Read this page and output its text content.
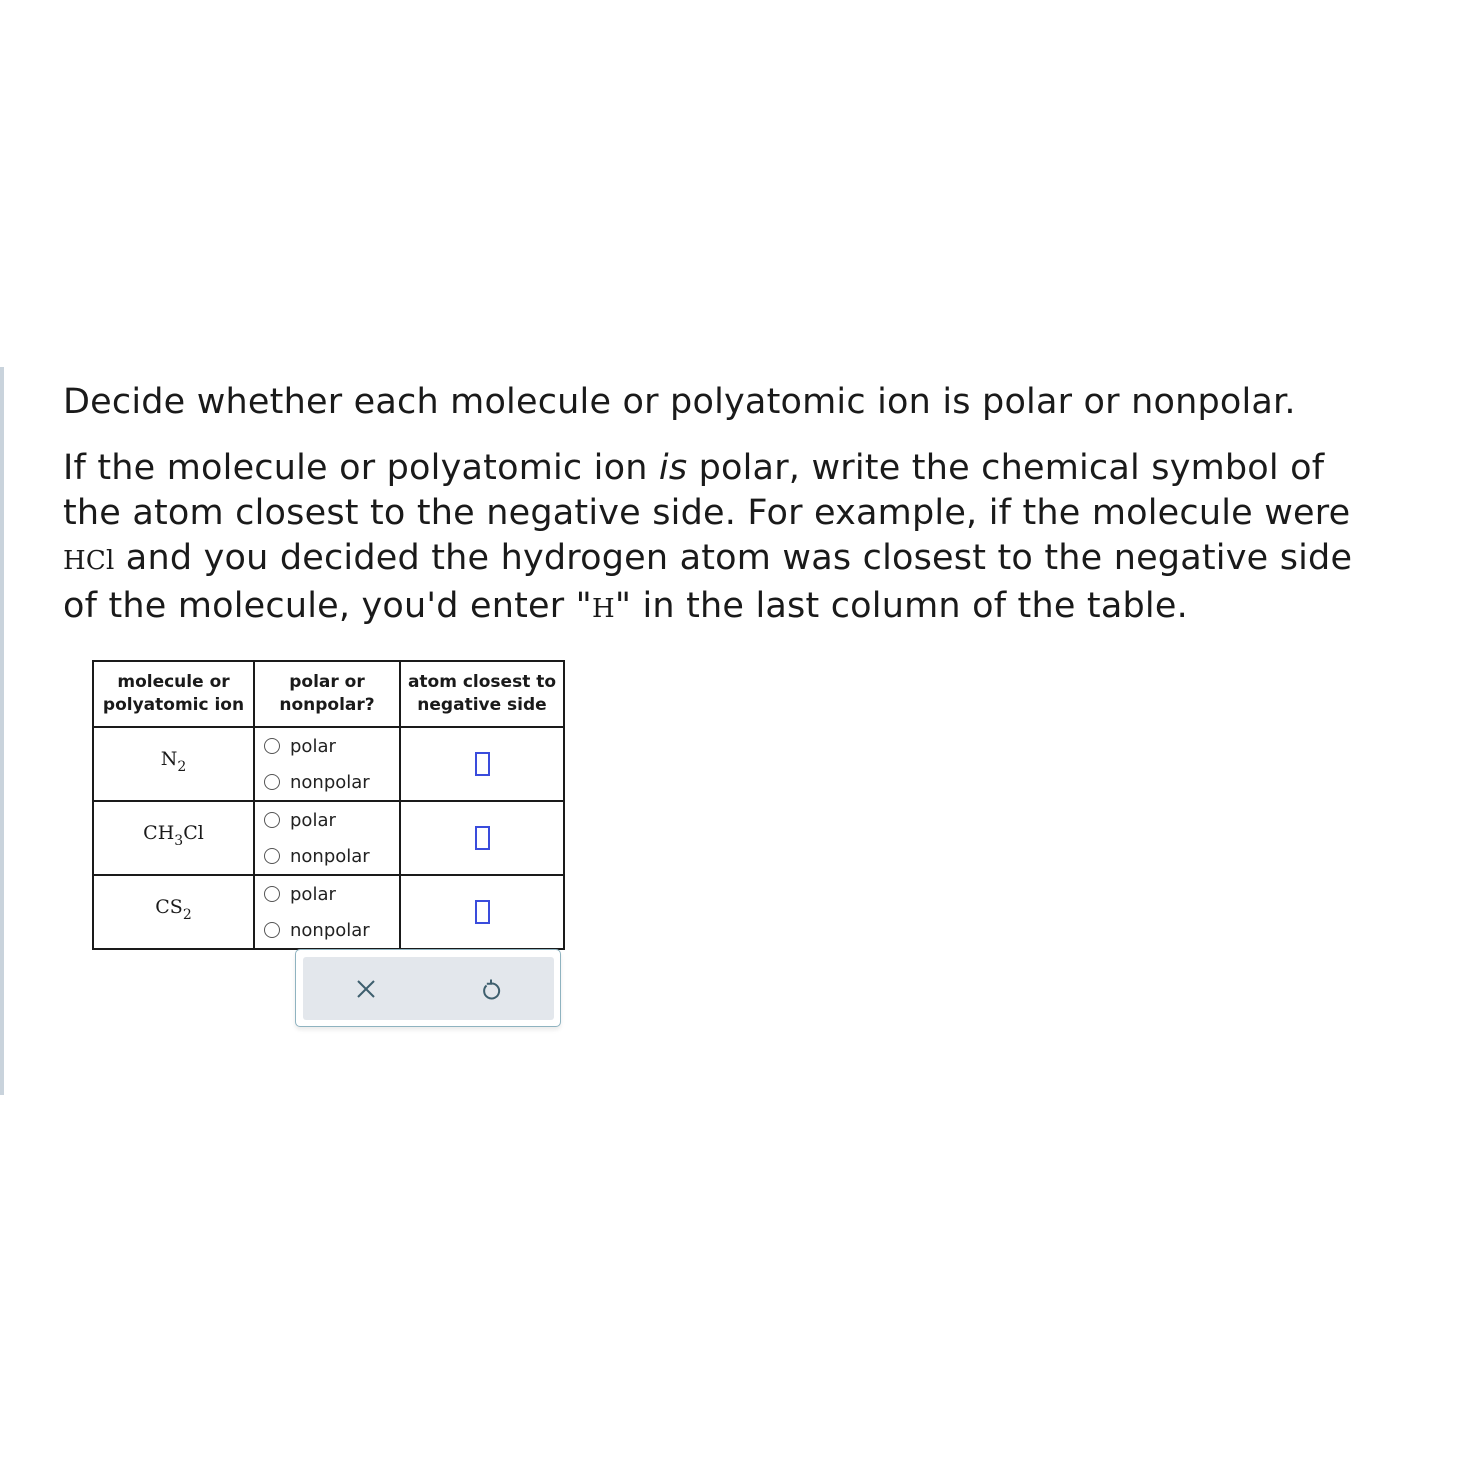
Decide whether each molecule or polyatomic ion is polar or nonpolar.

If the molecule or polyatomic ion is polar, write the chemical symbol of the atom closest to the negative side. For example, if the molecule were HCl and you decided the hydrogen atom was closest to the negative side of the molecule, you'd enter "H" in the last column of the table.

molecule or polyatomic ion	polar or nonpolar?	atom closest to negative side
$N_2$	polar
nonpolar	

$CH_3Cl$	polar
nonpolar	

$CS_2$	polar
nonpolar	
